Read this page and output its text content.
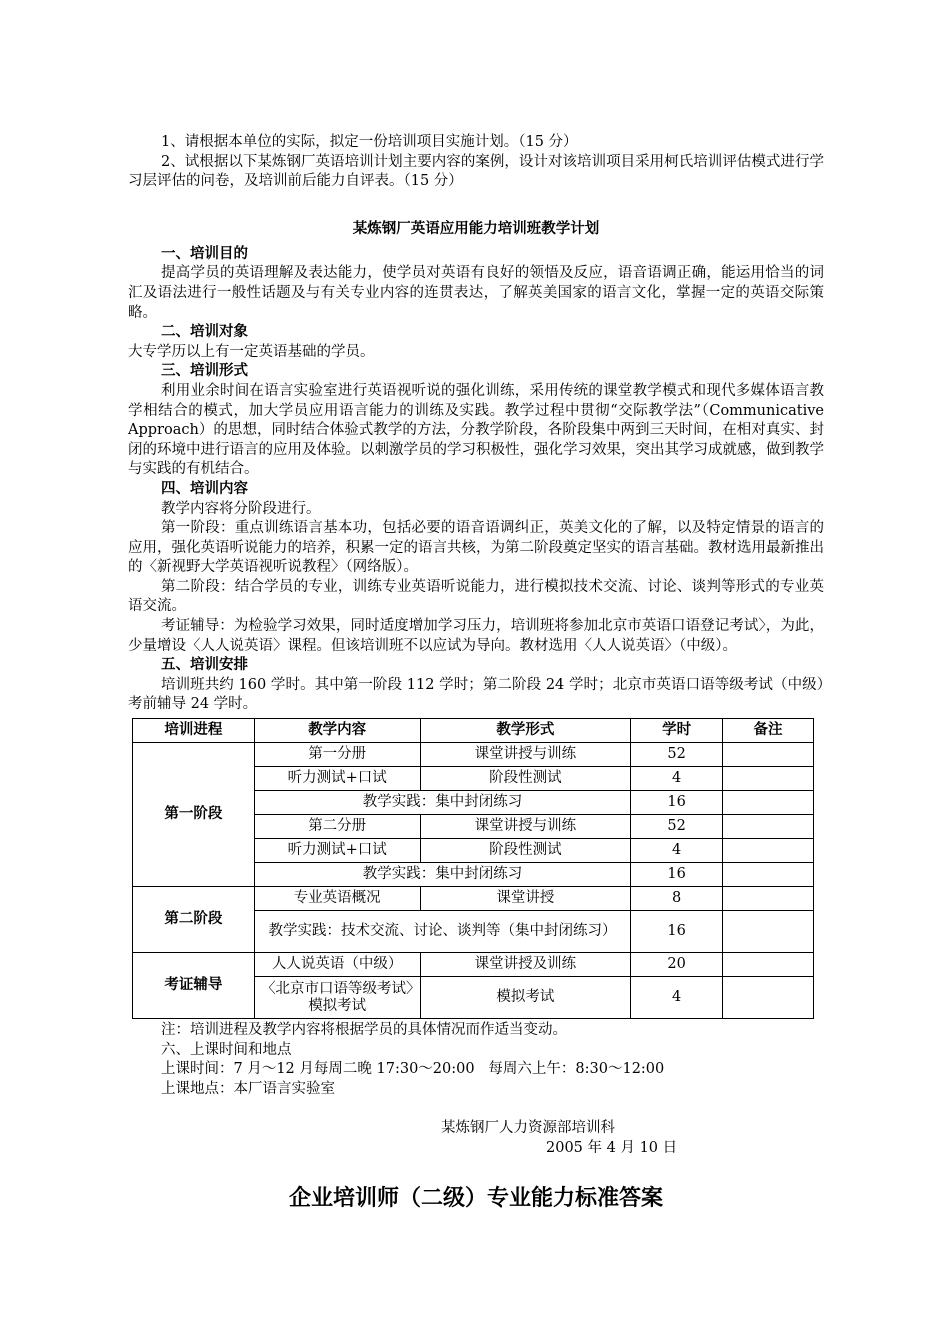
1、请根据本单位的实际，拟定一份培训项目实施计划。（15 分）

2、试根据以下某炼钢厂英语培训计划主要内容的案例，设计对该培训项目采用柯氏培训评估模式进行学习层评估的问卷，及培训前后能力自评表。（15 分）

某炼钢厂英语应用能力培训班教学计划
一、培训目的

提高学员的英语理解及表达能力，使学员对英语有良好的领悟及反应，语音语调正确，能运用恰当的词汇及语法进行一般性话题及与有关专业内容的连贯表达，了解英美国家的语言文化，掌握一定的英语交际策略。

二、培训对象

大专学历以上有一定英语基础的学员。

三、培训形式

利用业余时间在语言实验室进行英语视听说的强化训练，采用传统的课堂教学模式和现代多媒体语言教学相结合的模式，加大学员应用语言能力的训练及实践。教学过程中贯彻“交际教学法”（Communicative Approach）的思想，同时结合体验式教学的方法，分教学阶段，各阶段集中两到三天时间，在相对真实、封闭的环境中进行语言的应用及体验。以刺激学员的学习积极性，强化学习效果，突出其学习成就感，做到教学与实践的有机结合。

四、培训内容

教学内容将分阶段进行。

第一阶段：重点训练语言基本功，包括必要的语音语调纠正，英美文化的了解，以及特定情景的语言的应用，强化英语听说能力的培养，积累一定的语言共核，为第二阶段奠定坚实的语言基础。教材选用最新推出的〈新视野大学英语视听说教程〉（网络版）。

第二阶段：结合学员的专业，训练专业英语听说能力，进行模拟技术交流、讨论、谈判等形式的专业英语交流。

考证辅导：为检验学习效果，同时适度增加学习压力，培训班将参加北京市英语口语登记考试〉，为此，少量增设〈人人说英语〉课程。但该培训班不以应试为导向。教材选用〈人人说英语〉（中级）。

五、培训安排

培训班共约 160 学时。其中第一阶段 112 学时；第二阶段 24 学时；北京市英语口语等级考试（中级）考前辅导 24 学时。

培训进程	教学内容	教学形式	学时	备注
第一阶段	第一分册	课堂讲授与训练	52	
	听力测试+口试	阶段性测试	4	
	教学实践：集中封闭练习		16	
	第二分册	课堂讲授与训练	52	
	听力测试+口试	阶段性测试	4	
	教学实践：集中封闭练习		16	
第二阶段	专业英语概况	课堂讲授	8	
	教学实践：技术交流、讨论、谈判等（集中封闭练习）		16	
考证辅导	人人说英语（中级）	课堂讲授及训练	20	
	〈北京市口语等级考试〉模拟考试	模拟考试	4	

注：培训进程及教学内容将根据学员的具体情况而作适当变动。

六、上课时间和地点

上课时间：7 月～12 月每周二晚 17:30～20:00   每周六上午：8:30～12:00

上课地点：本厂语言实验室

某炼钢厂人力资源部培训科
2005 年 4 月 10 日
企业培训师（二级）专业能力标准答案
